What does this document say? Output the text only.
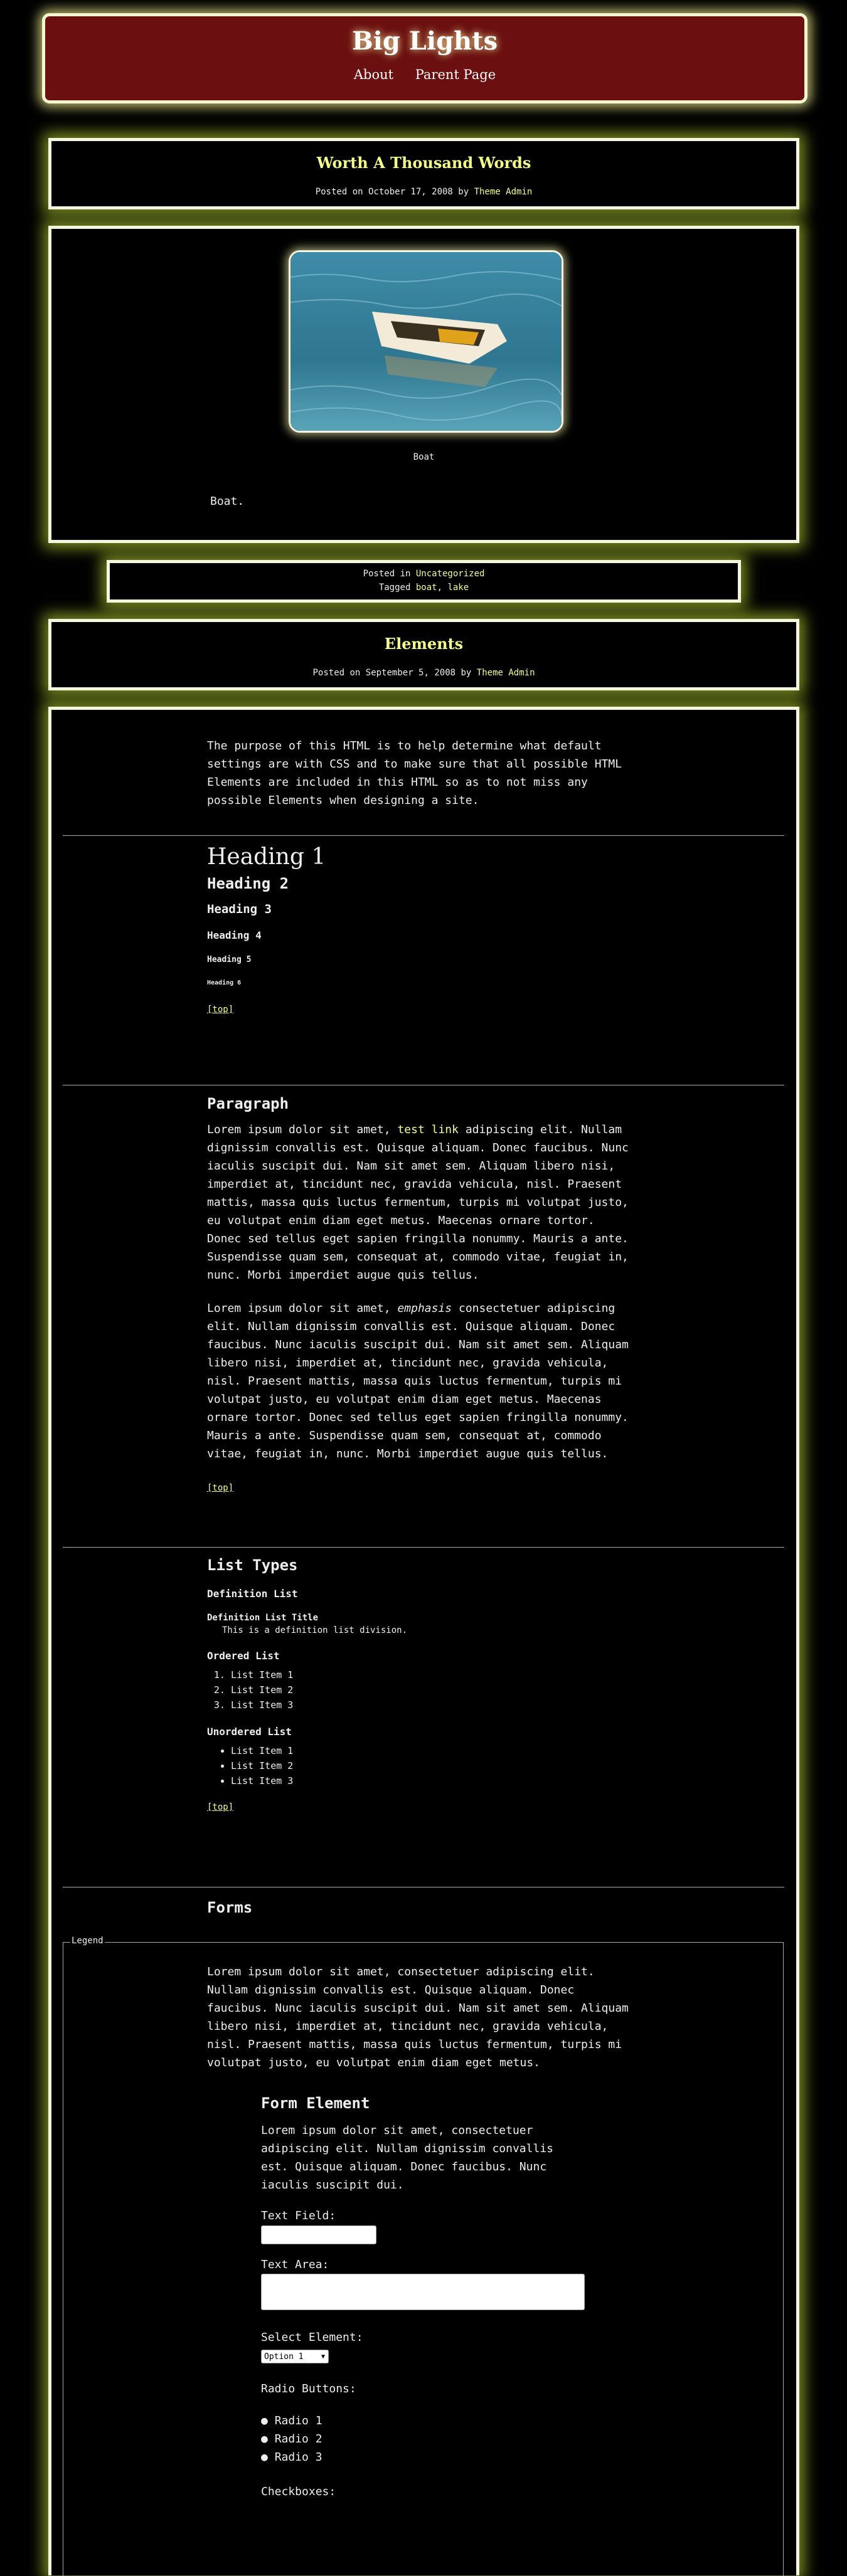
Big Lights
About Parent Page
Worth A Thousand Words
Posted on October 17, 2008 by Theme Admin
Boat
Boat.
Posted in Uncategorized
Tagged boat, lake
Elements
Posted on September 5, 2008 by Theme Admin

The purpose of this HTML is to help determine what default settings are with CSS and to make sure that all possible HTML Elements are included in this HTML so as to not miss any possible Elements when designing a site.

Heading 1
Heading 2
Heading 3
Heading 4
Heading 5
Heading 6
[top]
Paragraph

Lorem ipsum dolor sit amet, test link adipiscing elit. Nullam dignissim convallis est. Quisque aliquam. Donec faucibus. Nunc iaculis suscipit dui. Nam sit amet sem. Aliquam libero nisi, imperdiet at, tincidunt nec, gravida vehicula, nisl. Praesent mattis, massa quis luctus fermentum, turpis mi volutpat justo, eu volutpat enim diam eget metus. Maecenas ornare tortor. Donec sed tellus eget sapien fringilla nonummy. Mauris a ante. Suspendisse quam sem, consequat at, commodo vitae, feugiat in, nunc. Morbi imperdiet augue quis tellus.

Lorem ipsum dolor sit amet, emphasis consectetuer adipiscing elit. Nullam dignissim convallis est. Quisque aliquam. Donec faucibus. Nunc iaculis suscipit dui. Nam sit amet sem. Aliquam libero nisi, imperdiet at, tincidunt nec, gravida vehicula, nisl. Praesent mattis, massa quis luctus fermentum, turpis mi volutpat justo, eu volutpat enim diam eget metus. Maecenas ornare tortor. Donec sed tellus eget sapien fringilla nonummy. Mauris a ante. Suspendisse quam sem, consequat at, commodo vitae, feugiat in, nunc. Morbi imperdiet augue quis tellus.

[top]
List Types
Definition List
Definition List Title
This is a definition list division.
Ordered List
1. List Item 1
2. List Item 2
3. List Item 3
Unordered List
• List Item 1
• List Item 2
• List Item 3
[top]
Forms
Legend

Lorem ipsum dolor sit amet, consectetuer adipiscing elit. Nullam dignissim convallis est. Quisque aliquam. Donec faucibus. Nunc iaculis suscipit dui. Nam sit amet sem. Aliquam libero nisi, imperdiet at, tincidunt nec, gravida vehicula, nisl. Praesent mattis, massa quis luctus fermentum, turpis mi volutpat justo, eu volutpat enim diam eget metus.

Form Element
Lorem ipsum dolor sit amet, consectetuer adipiscing elit. Nullam dignissim convallis est. Quisque aliquam. Donec faucibus. Nunc iaculis suscipit dui.
Text Field:
Text Area:
Select Element:
Option 1	▼
Radio Buttons:
● Radio 1
● Radio 2
● Radio 3
Checkboxes:
